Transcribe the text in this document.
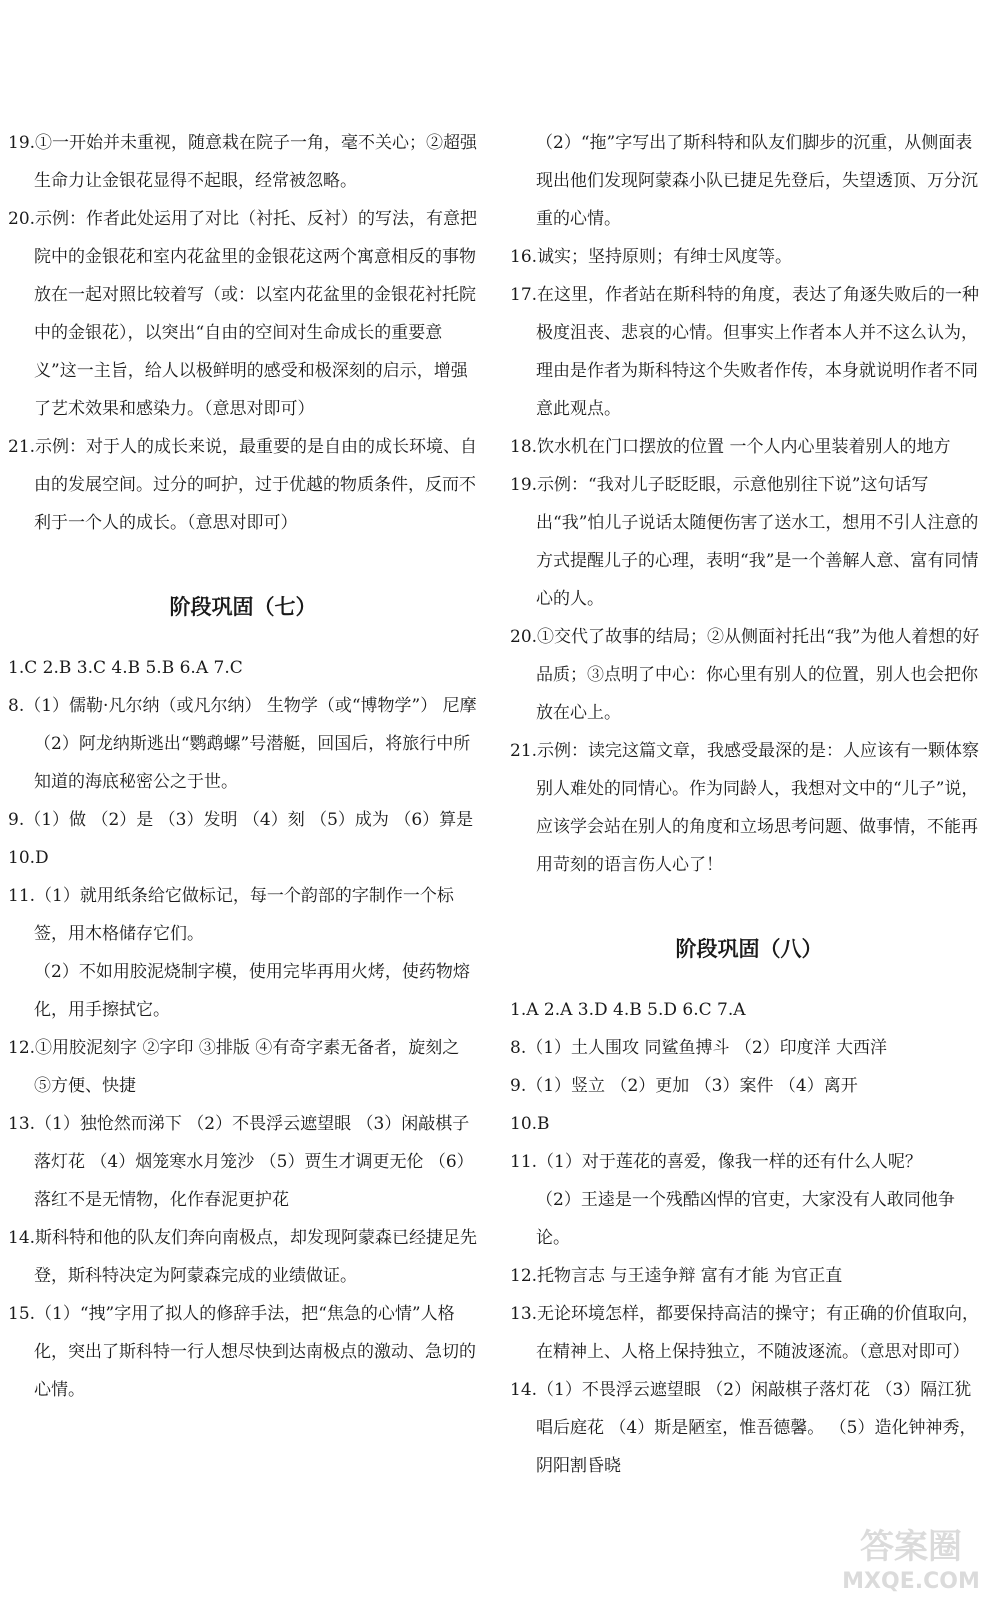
19.①一开始并未重视，随意栽在院子一角，毫不关心；②超强生命力让金银花显得不起眼，经常被忽略。

20.示例：作者此处运用了对比（衬托、反衬）的写法，有意把院中的金银花和室内花盆里的金银花这两个寓意相反的事物放在一起对照比较着写（或：以室内花盆里的金银花衬托院中的金银花），以突出“自由的空间对生命成长的重要意义”这一主旨，给人以极鲜明的感受和极深刻的启示，增强了艺术效果和感染力。（意思对即可）

21.示例：对于人的成长来说，最重要的是自由的成长环境、自由的发展空间。过分的呵护，过于优越的物质条件，反而不利于一个人的成长。（意思对即可）

阶段巩固（七）

1.C 2.B 3.C 4.B 5.B 6.A 7.C

8.（1）儒勒·凡尔纳（或凡尔纳） 生物学（或“博物学”） 尼摩

（2）阿龙纳斯逃出“鹦鹉螺”号潜艇，回国后，将旅行中所知道的海底秘密公之于世。

9.（1）做 （2）是 （3）发明 （4）刻 （5）成为 （6）算是

10.D

11.（1）就用纸条给它做标记，每一个韵部的字制作一个标签，用木格储存它们。

（2）不如用胶泥烧制字模，使用完毕再用火烤，使药物熔化，用手擦拭它。

12.①用胶泥刻字 ②字印 ③排版 ④有奇字素无备者，旋刻之 ⑤方便、快捷

13.（1）独怆然而涕下 （2）不畏浮云遮望眼 （3）闲敲棋子落灯花 （4）烟笼寒水月笼沙 （5）贾生才调更无伦 （6）落红不是无情物，化作春泥更护花

14.斯科特和他的队友们奔向南极点，却发现阿蒙森已经捷足先登，斯科特决定为阿蒙森完成的业绩做证。

15.（1）“拽”字用了拟人的修辞手法，把“焦急的心情”人格化，突出了斯科特一行人想尽快到达南极点的激动、急切的心情。

（2）“拖”字写出了斯科特和队友们脚步的沉重，从侧面表现出他们发现阿蒙森小队已捷足先登后，失望透顶、万分沉重的心情。

16.诚实；坚持原则；有绅士风度等。

17.在这里，作者站在斯科特的角度，表达了角逐失败后的一种极度沮丧、悲哀的心情。但事实上作者本人并不这么认为，理由是作者为斯科特这个失败者作传，本身就说明作者不同意此观点。

18.饮水机在门口摆放的位置 一个人内心里装着别人的地方

19.示例：“我对儿子眨眨眼，示意他别往下说”这句话写出“我”怕儿子说话太随便伤害了送水工，想用不引人注意的方式提醒儿子的心理，表明“我”是一个善解人意、富有同情心的人。

20.①交代了故事的结局；②从侧面衬托出“我”为他人着想的好品质；③点明了中心：你心里有别人的位置，别人也会把你放在心上。

21.示例：读完这篇文章，我感受最深的是：人应该有一颗体察别人难处的同情心。作为同龄人，我想对文中的“儿子”说，应该学会站在别人的角度和立场思考问题、做事情，不能再用苛刻的语言伤人心了！

阶段巩固（八）

1.A 2.A 3.D 4.B 5.D 6.C 7.A

8.（1）土人围攻 同鲨鱼搏斗 （2）印度洋 大西洋

9.（1）竖立 （2）更加 （3）案件 （4）离开

10.B

11.（1）对于莲花的喜爱，像我一样的还有什么人呢？

（2）王逵是一个残酷凶悍的官吏，大家没有人敢同他争论。

12.托物言志 与王逵争辩 富有才能 为官正直

13.无论环境怎样，都要保持高洁的操守；有正确的价值取向，在精神上、人格上保持独立，不随波逐流。（意思对即可）

14.（1）不畏浮云遮望眼 （2）闲敲棋子落灯花 （3）隔江犹唱后庭花 （4）斯是陋室，惟吾德馨。 （5）造化钟神秀，阴阳割昏晓

答案圈
MXQE.COM
